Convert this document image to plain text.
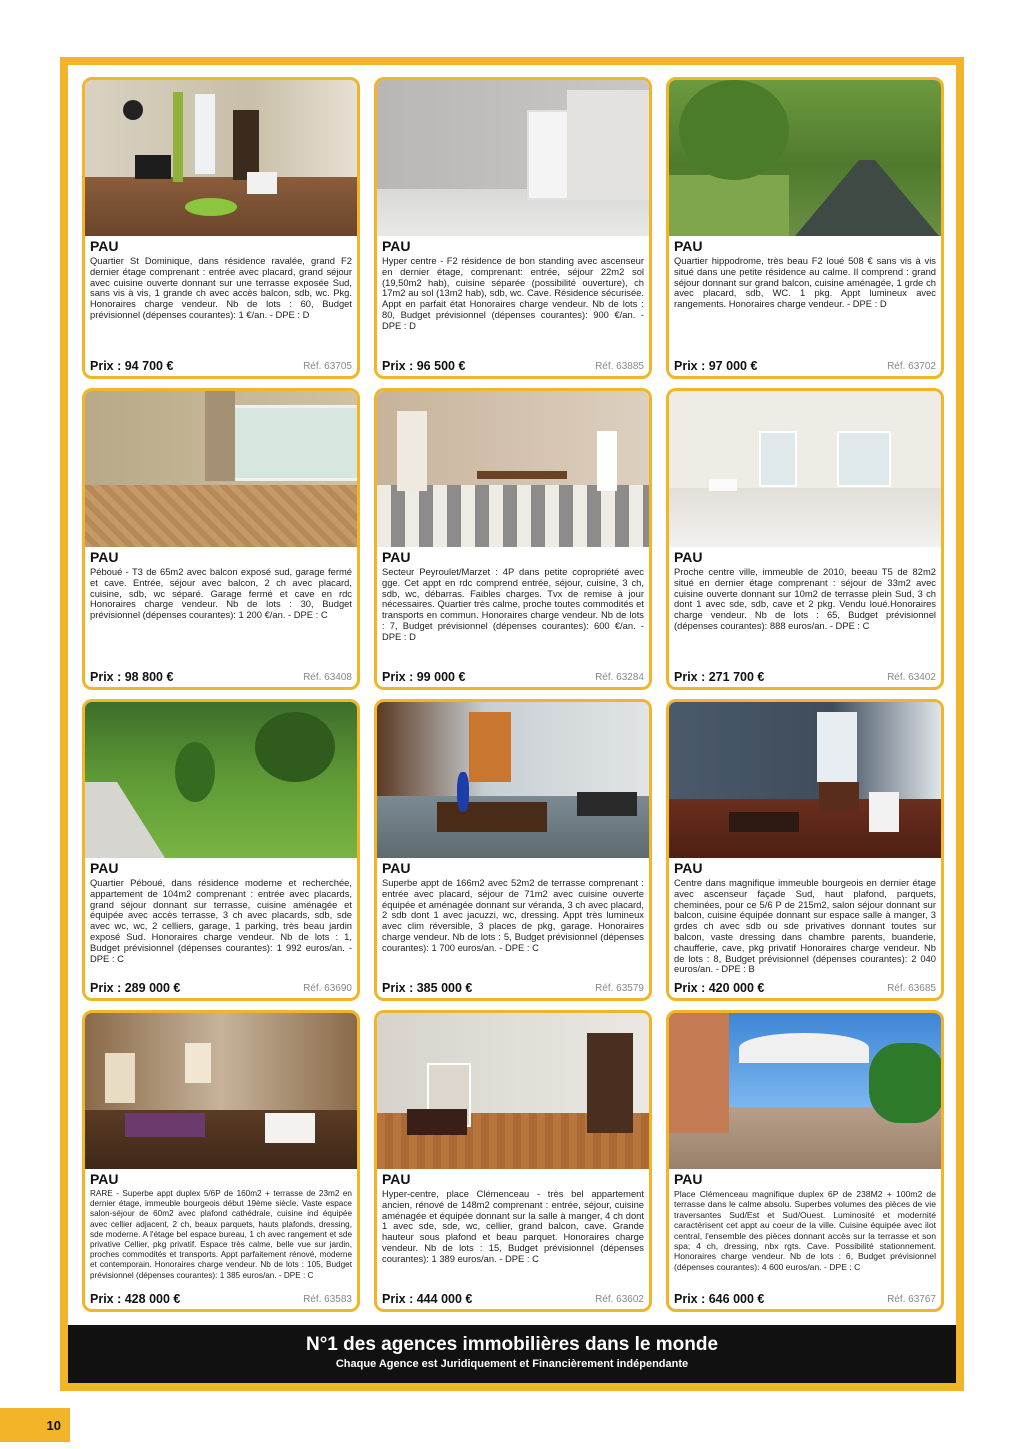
PAU
Quartier St Dominique, dans résidence ravalée, grand F2 dernier étage comprenant : entrée avec placard, grand séjour avec cuisine ouverte donnant sur une terrasse exposée Sud, sans vis à vis, 1 grande ch avec accès balcon, sdb, wc. Pkg. Honoraires charge vendeur. Nb de lots : 60, Budget prévisionnel (dépenses courantes): 1 €/an. - DPE : D
Prix : 94 700 €	Réf. 63705
PAU
Hyper centre - F2 résidence de bon standing avec ascenseur en dernier étage, comprenant: entrée, séjour 22m2 sol (19,50m2 hab), cuisine séparée (possibilité ouverture), ch 17m2 au sol (13m2 hab), sdb, wc. Cave. Résidence sécurisée. Appt en parfait état Honoraires charge vendeur. Nb de lots : 80, Budget prévisionnel (dépenses courantes): 900 €/an. - DPE : D
Prix : 96 500 €	Réf. 63885
PAU
Quartier hippodrome, très beau F2 loué 508 € sans vis à vis situé dans une petite résidence au calme. Il comprend : grand séjour donnant sur grand balcon, cuisine aménagée, 1 grde ch avec placard, sdb, WC. 1 pkg. Appt lumineux avec rangements. Honoraires charge vendeur. - DPE : D
Prix : 97 000 €	Réf. 63702
PAU
Péboué - T3 de 65m2 avec balcon exposé sud, garage fermé et cave. Entrée, séjour avec balcon, 2 ch avec placard, cuisine, sdb, wc séparé. Garage fermé et cave en rdc Honoraires charge vendeur. Nb de lots : 30, Budget prévisionnel (dépenses courantes): 1 200 €/an. - DPE : C
Prix : 98 800 €	Réf. 63408
PAU
Secteur Peyroulet/Marzet : 4P dans petite copropriété avec gge. Cet appt en rdc comprend entrée, séjour, cuisine, 3 ch, sdb, wc, débarras. Faibles charges. Tvx de remise à jour nécessaires. Quartier très calme, proche toutes commodités et transports en commun. Honoraires charge vendeur. Nb de lots : 7, Budget prévisionnel (dépenses courantes): 600 €/an. - DPE : D
Prix : 99 000 €	Réf. 63284
PAU
Proche centre ville, immeuble de 2010, beeau T5 de 82m2 situé en dernier étage comprenant : séjour de 33m2 avec cuisine ouverte donnant sur 10m2 de terrasse plein Sud, 3 ch dont 1 avec sde, sdb, cave et 2 pkg. Vendu loué.Honoraires charge vendeur. Nb de lots : 65, Budget prévisionnel (dépenses courantes): 888 euros/an. - DPE : C
Prix : 271 700 €	Réf. 63402
PAU
Quartier Péboué, dans résidence moderne et recherchée, appartement de 104m2 comprenant : entrée avec placards, grand séjour donnant sur terrasse, cuisine aménagée et équipée avec accès terrasse, 3 ch avec placards, sdb, sde avec wc, wc, 2 celliers, garage, 1 parking, très beau jardin exposé Sud. Honoraires charge vendeur. Nb de lots : 1, Budget prévisionnel (dépenses courantes): 1 992 euros/an. - DPE : C
Prix : 289 000 €	Réf. 63690
PAU
Superbe appt de 166m2 avec 52m2 de terrasse comprenant : entrée avec placard, séjour de 71m2 avec cuisine ouverte équipée et aménagée donnant sur véranda, 3 ch avec placard, 2 sdb dont 1 avec jacuzzi, wc, dressing. Appt très lumineux avec clim réversible, 3 places de pkg, garage. Honoraires charge vendeur. Nb de lots : 5, Budget prévisionnel (dépenses courantes): 1 700 euros/an. - DPE : C
Prix : 385 000 €	Réf. 63579
PAU
Centre dans magnifique immeuble bourgeois en dernier étage avec ascenseur façade Sud, haut plafond, parquets, cheminées, pour ce 5/6 P de 215m2, salon séjour donnant sur balcon, cuisine équipée donnant sur espace salle à manger, 3 grdes ch avec sdb ou sde privatives donnant toutes sur balcon, vaste dressing dans chambre parents, buanderie, chaufferie, cave, pkg privatif Honoraires charge vendeur. Nb de lots : 8, Budget prévisionnel (dépenses courantes): 2 040 euros/an. - DPE : B
Prix : 420 000 €	Réf. 63685
PAU
RARE - Superbe appt duplex 5/6P de 160m2 + terrasse de 23m2 en dernier étage, immeuble bourgeois début 19ème siècle. Vaste espace salon-séjour de 60m2 avec plafond cathédrale, cuisine ind équipée avec cellier adjacent, 2 ch, beaux parquets, hauts plafonds, dressing, sde moderne. A l'étage bel espace bureau, 1 ch avec rangement et sde privative Cellier, pkg privatif. Espace très calme, belle vue sur jardin, proches commodités et transports. Appt parfaitement rénové, moderne et contemporain. Honoraires charge vendeur. Nb de lots : 105, Budget prévisionnel (dépenses courantes): 1 385 euros/an. - DPE : C
Prix : 428 000 €	Réf. 63583
PAU
Hyper-centre, place Clémenceau - très bel appartement ancien, rénové de 148m2 comprenant : entrée, séjour, cuisine aménagée et équipée donnant sur la salle à manger, 4 ch dont 1 avec sde, sde, wc, cellier, grand balcon, cave. Grande hauteur sous plafond et beau parquet. Honoraires charge vendeur. Nb de lots : 15, Budget prévisionnel (dépenses courantes): 1 389 euros/an. - DPE : C
Prix : 444 000 €	Réf. 63602
PAU
Place Clémenceau magnifique duplex 6P de 238M2 + 100m2 de terrasse dans le calme absolu. Superbes volumes des pièces de vie traversantes Sud/Est et Sud/Ouest. Luminosité et modernité caractérisent cet appt au coeur de la ville. Cuisine équipée avec ilot central, l'ensemble des pièces donnant accès sur la terrasse et son spa; 4 ch, dressing, nbx rgts. Cave. Possibilité stationnement. Honoraires charge vendeur. Nb de lots : 6, Budget prévisionnel (dépenses courantes): 4 600 euros/an. - DPE : C
Prix : 646 000 €	Réf. 63767
N°1 des agences immobilières dans le monde
Chaque Agence est Juridiquement et Financièrement indépendante
10
